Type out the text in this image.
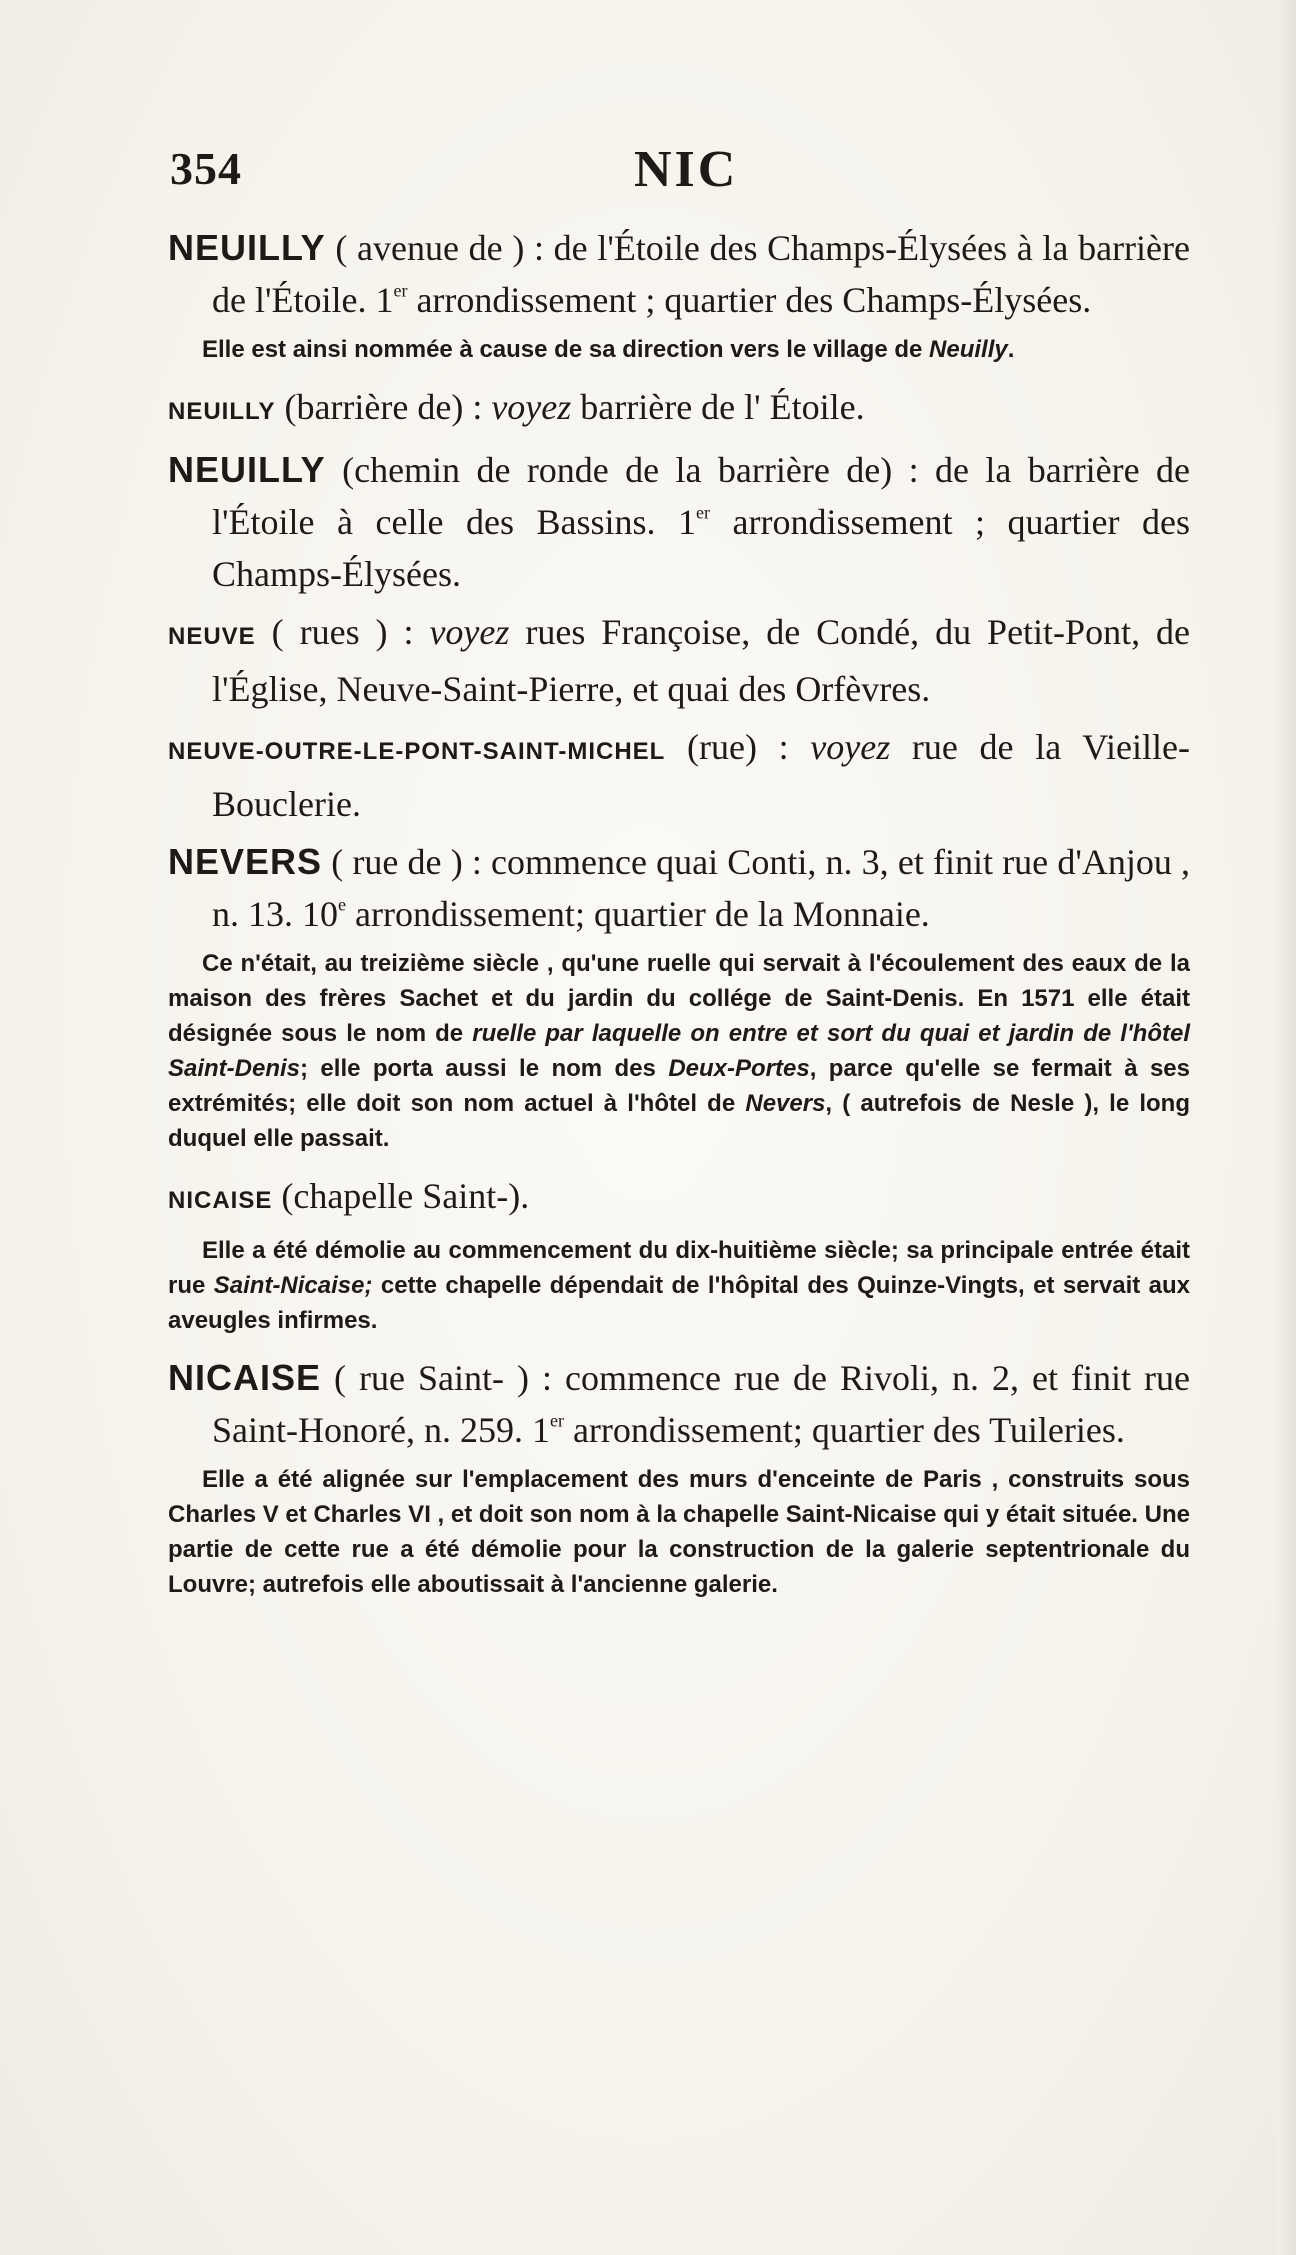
354	NIC

NEUILLY ( avenue de ) : de l'Étoile des Champs-Élysées à la barrière de l'Étoile. 1er arrondissement ; quartier des Champs-Élysées.

Elle est ainsi nommée à cause de sa direction vers le village de Neuilly.

NEUILLY (barrière de) : voyez barrière de l' Étoile.

NEUILLY (chemin de ronde de la barrière de) : de la barrière de l'Étoile à celle des Bassins. 1er arrondissement ; quartier des Champs-Élysées.

NEUVE ( rues ) : voyez rues Françoise, de Condé, du Petit-Pont, de l'Église, Neuve-Saint-Pierre, et quai des Orfèvres.

NEUVE-OUTRE-LE-PONT-SAINT-MICHEL (rue) : voyez rue de la Vieille-Bouclerie.

NEVERS ( rue de ) : commence quai Conti, n. 3, et finit rue d'Anjou , n. 13. 10e arrondissement; quartier de la Monnaie.

Ce n'était, au treizième siècle , qu'une ruelle qui servait à l'écoulement des eaux de la maison des frères Sachet et du jardin du collége de Saint-Denis. En 1571 elle était désignée sous le nom de ruelle par laquelle on entre et sort du quai et jardin de l'hôtel Saint-Denis; elle porta aussi le nom des Deux-Portes, parce qu'elle se fermait à ses extrémités; elle doit son nom actuel à l'hôtel de Nevers, ( autrefois de Nesle ), le long duquel elle passait.

NICAISE (chapelle Saint-).

Elle a été démolie au commencement du dix-huitième siècle; sa principale entrée était rue Saint-Nicaise; cette chapelle dépendait de l'hôpital des Quinze-Vingts, et servait aux aveugles infirmes.

NICAISE ( rue Saint- ) : commence rue de Rivoli, n. 2, et finit rue Saint-Honoré, n. 259. 1er arrondissement; quartier des Tuileries.

Elle a été alignée sur l'emplacement des murs d'enceinte de Paris , construits sous Charles V et Charles VI , et doit son nom à la chapelle Saint-Nicaise qui y était située. Une partie de cette rue a été démolie pour la construction de la galerie septentrionale du Louvre; autrefois elle aboutissait à l'ancienne galerie.
